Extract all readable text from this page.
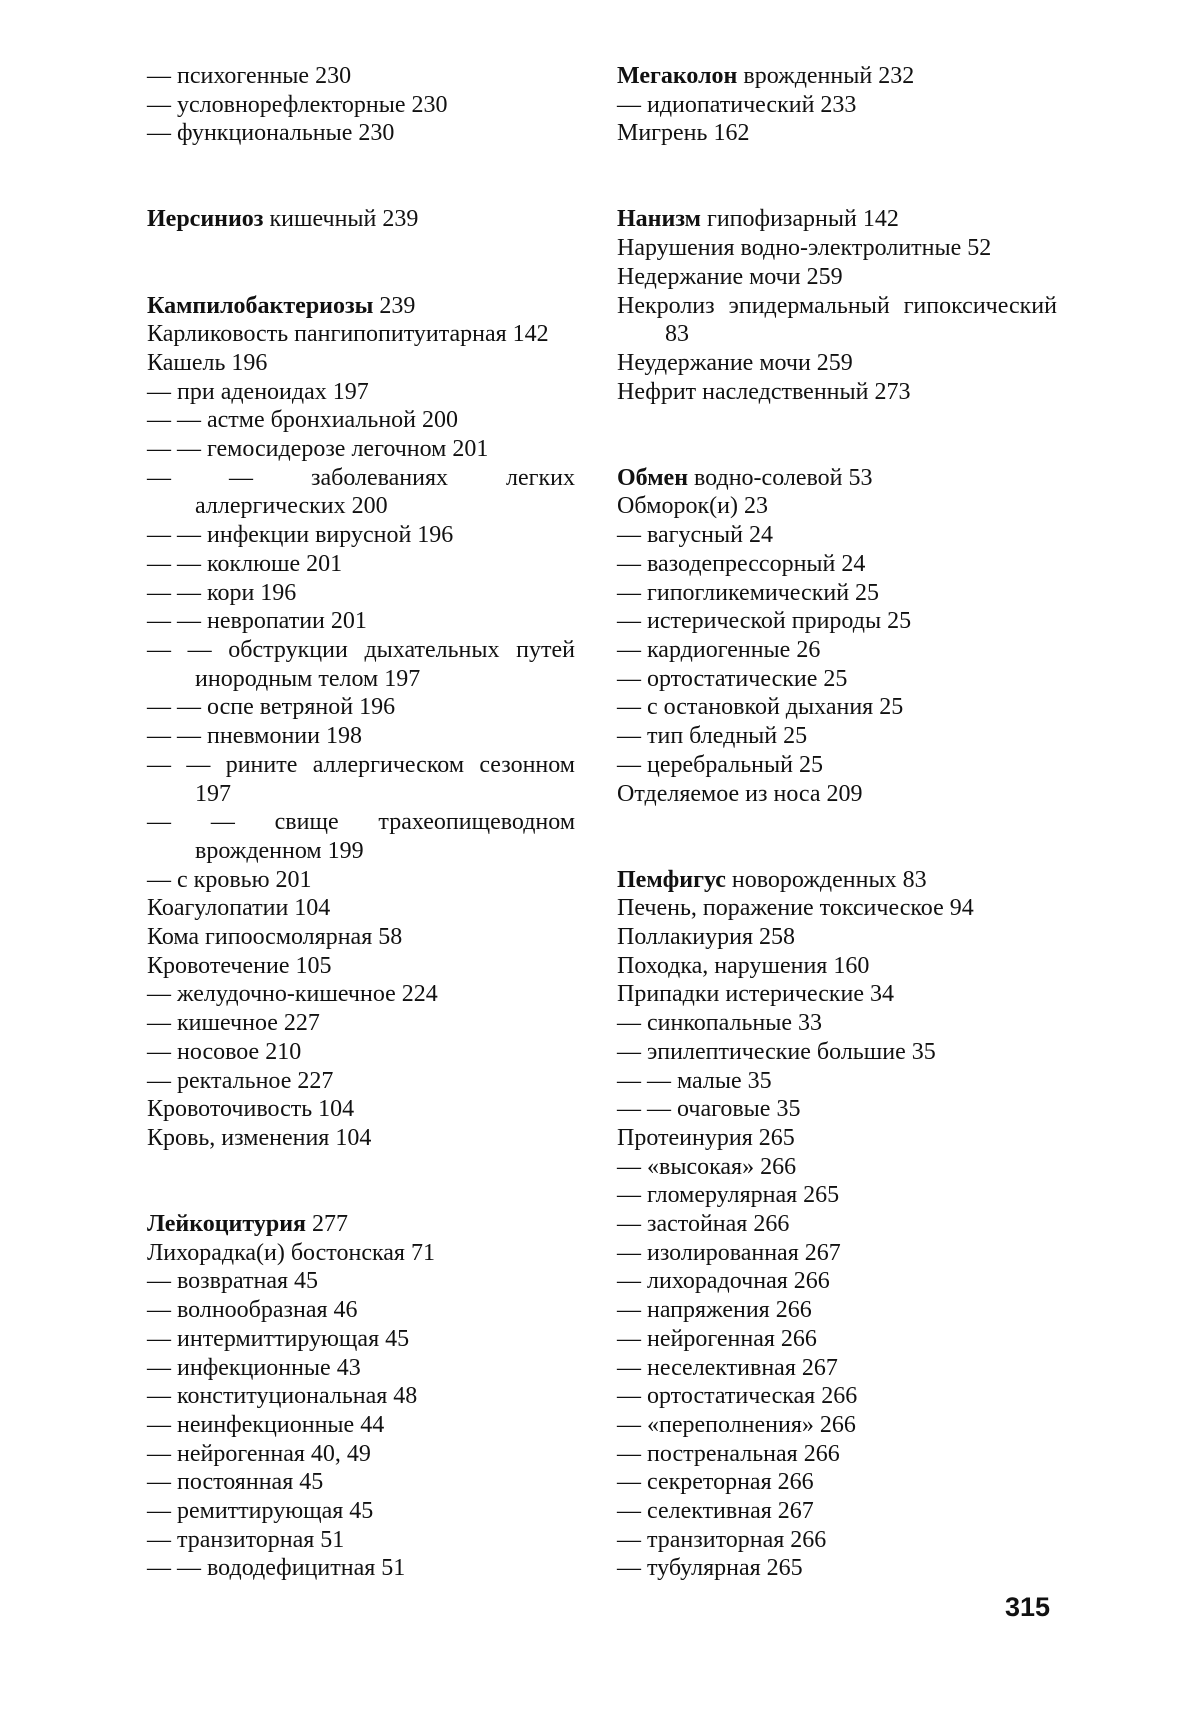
— психогенные 230
— условнорефлекторные 230
— функциональные 230
Иерсиниоз кишечный 239
Кампилобактериозы 239
Карликовость пангипопитуитарная 142
Кашель 196
— при аденоидах 197
— — астме бронхиальной 200
— — гемосидерозе легочном 201
— — заболеваниях легких аллергических 200
— — инфекции вирусной 196
— — коклюше 201
— — кори 196
— — невропатии 201
— — обструкции дыхательных путей инородным телом 197
— — оспе ветряной 196
— — пневмонии 198
— — рините аллергическом сезонном 197
— — свище трахеопищеводном врожденном 199
— с кровью 201
Коагулопатии 104
Кома гипоосмолярная 58
Кровотечение 105
— желудочно-кишечное 224
— кишечное 227
— носовое 210
— ректальное 227
Кровоточивость 104
Кровь, изменения 104
Лейкоцитурия 277
Лихорадка(и) бостонская 71
— возвратная 45
— волнообразная 46
— интермиттирующая 45
— инфекционные 43
— конституциональная 48
— неинфекционные 44
— нейрогенная 40, 49
— постоянная 45
— ремиттирующая 45
— транзиторная 51
— — вододефицитная 51
Мегаколон врожденный 232
— идиопатический 233
Мигрень 162
Нанизм гипофизарный 142
Нарушения водно-электролитные 52
Недержание мочи 259
Некролиз эпидермальный гипоксический 83
Неудержание мочи 259
Нефрит наследственный 273
Обмен водно-солевой 53
Обморок(и) 23
— вагусный 24
— вазодепрессорный 24
— гипогликемический 25
— истерической природы 25
— кардиогенные 26
— ортостатические 25
— с остановкой дыхания 25
— тип бледный 25
— церебральный 25
Отделяемое из носа 209
Пемфигус новорожденных 83
Печень, поражение токсическое 94
Поллакиурия 258
Походка, нарушения 160
Припадки истерические 34
— синкопальные 33
— эпилептические большие 35
— — малые 35
— — очаговые 35
Протеинурия 265
— «высокая» 266
— гломерулярная 265
— застойная 266
— изолированная 267
— лихорадочная 266
— напряжения 266
— нейрогенная 266
— неселективная 267
— ортостатическая 266
— «переполнения» 266
— постренальная 266
— секреторная 266
— селективная 267
— транзиторная 266
— тубулярная 265
315
